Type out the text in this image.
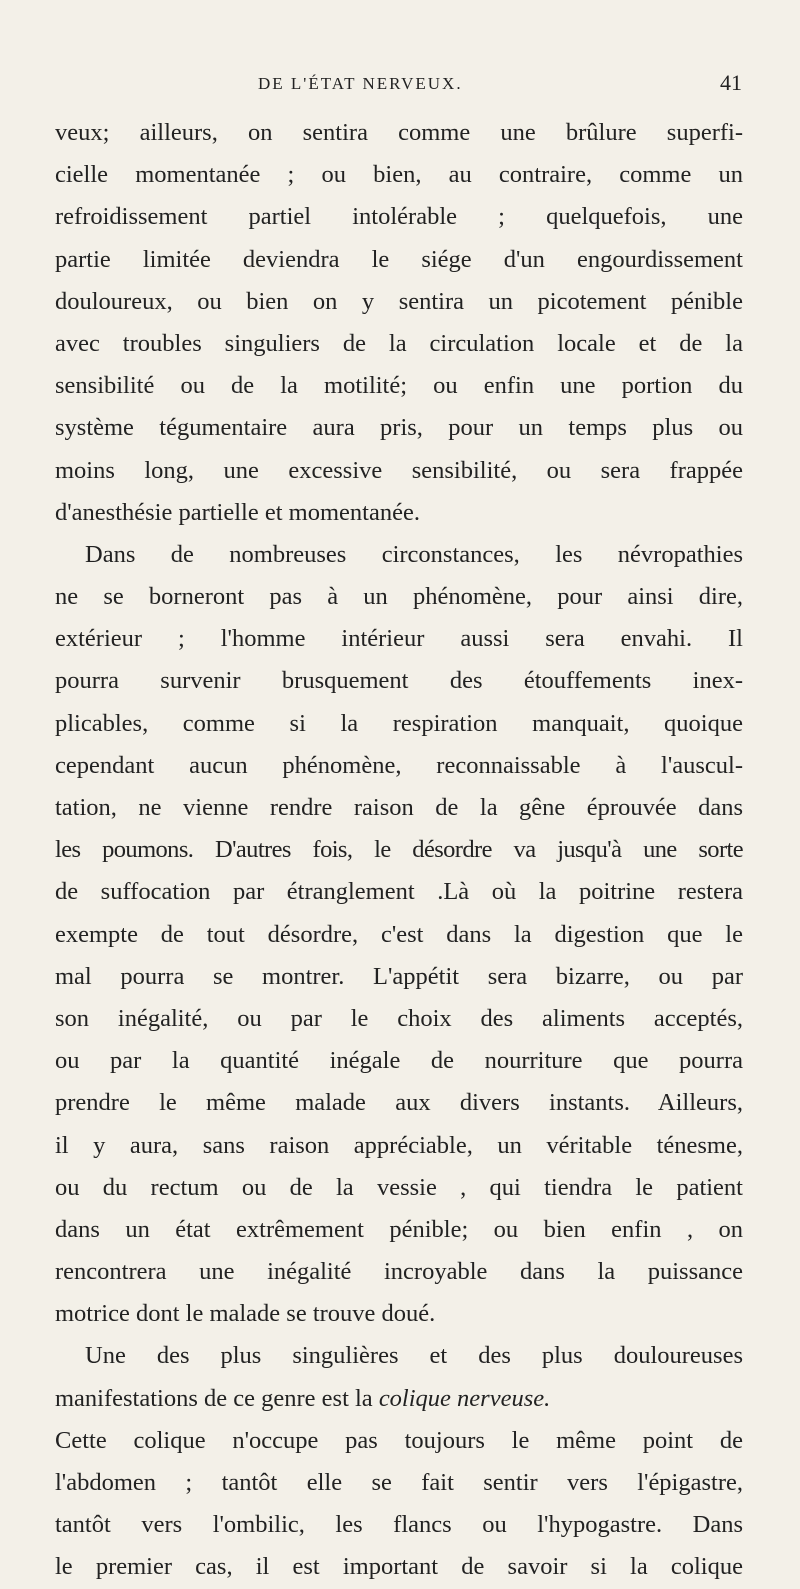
DE L'ÉTAT NERVEUX.	41
veux; ailleurs, on sentira comme une brûlure superfi-
cielle momentanée ; ou bien, au contraire, comme un
refroidissement partiel intolérable ; quelquefois, une
partie limitée deviendra le siége d'un engourdissement
douloureux, ou bien on y sentira un picotement pénible
avec troubles singuliers de la circulation locale et de la
sensibilité ou de la motilité; ou enfin une portion du
système tégumentaire aura pris, pour un temps plus ou
moins long, une excessive sensibilité, ou sera frappée
d'anesthésie partielle et momentanée.
Dans de nombreuses circonstances, les névropathies
ne se borneront pas à un phénomène, pour ainsi dire,
extérieur ; l'homme intérieur aussi sera envahi. Il
pourra survenir brusquement des étouffements inex-
plicables, comme si la respiration manquait, quoique
cependant aucun phénomène, reconnaissable à l'auscul-
tation, ne vienne rendre raison de la gêne éprouvée dans
les poumons. D'autres fois, le désordre va jusqu'à une sorte
de suffocation par étranglement .Là où la poitrine restera
exempte de tout désordre, c'est dans la digestion que le
mal pourra se montrer. L'appétit sera bizarre, ou par
son inégalité, ou par le choix des aliments acceptés,
ou par la quantité inégale de nourriture que pourra
prendre le même malade aux divers instants. Ailleurs,
il y aura, sans raison appréciable, un véritable ténesme,
ou du rectum ou de la vessie , qui tiendra le patient
dans un état extrêmement pénible; ou bien enfin , on
rencontrera une inégalité incroyable dans la puissance
motrice dont le malade se trouve doué.
Une des plus singulières et des plus douloureuses
manifestations de ce genre est la colique nerveuse.
Cette colique n'occupe pas toujours le même point de
l'abdomen ; tantôt elle se fait sentir vers l'épigastre,
tantôt vers l'ombilic, les flancs ou l'hypogastre. Dans
le premier cas, il est important de savoir si la colique
